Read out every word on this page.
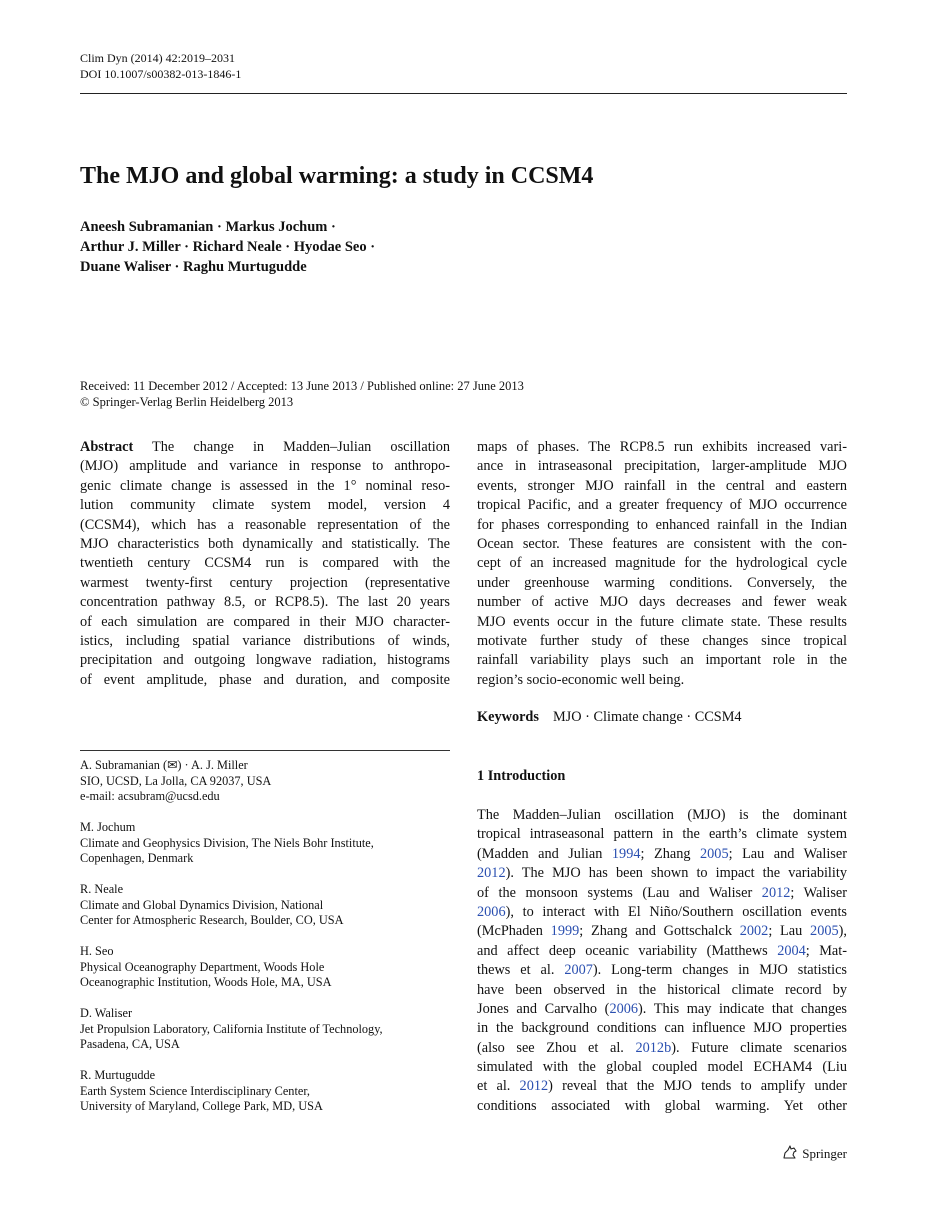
Clim Dyn (2014) 42:2019–2031
DOI 10.1007/s00382-013-1846-1
The MJO and global warming: a study in CCSM4
Aneesh Subramanian · Markus Jochum ·
Arthur J. Miller · Richard Neale · Hyodae Seo ·
Duane Waliser · Raghu Murtugudde
Received: 11 December 2012 / Accepted: 13 June 2013 / Published online: 27 June 2013
© Springer-Verlag Berlin Heidelberg 2013
Abstract The change in Madden–Julian oscillation
(MJO) amplitude and variance in response to anthropo-
genic climate change is assessed in the 1° nominal reso-
lution community climate system model, version 4
(CCSM4), which has a reasonable representation of the
MJO characteristics both dynamically and statistically. The
twentieth century CCSM4 run is compared with the
warmest twenty-first century projection (representative
concentration pathway 8.5, or RCP8.5). The last 20 years
of each simulation are compared in their MJO character-
istics, including spatial variance distributions of winds,
precipitation and outgoing longwave radiation, histograms
of event amplitude, phase and duration, and composite
maps of phases. The RCP8.5 run exhibits increased vari-
ance in intraseasonal precipitation, larger-amplitude MJO
events, stronger MJO rainfall in the central and eastern
tropical Pacific, and a greater frequency of MJO occurrence
for phases corresponding to enhanced rainfall in the Indian
Ocean sector. These features are consistent with the con-
cept of an increased magnitude for the hydrological cycle
under greenhouse warming conditions. Conversely, the
number of active MJO days decreases and fewer weak
MJO events occur in the future climate state. These results
motivate further study of these changes since tropical
rainfall variability plays such an important role in the
region’s socio-economic well being.
Keywords MJO · Climate change · CCSM4
A. Subramanian (✉) · A. J. Miller
SIO, UCSD, La Jolla, CA 92037, USA
e-mail: acsubram@ucsd.edu
M. Jochum
Climate and Geophysics Division, The Niels Bohr Institute,
Copenhagen, Denmark
R. Neale
Climate and Global Dynamics Division, National
Center for Atmospheric Research, Boulder, CO, USA
H. Seo
Physical Oceanography Department, Woods Hole
Oceanographic Institution, Woods Hole, MA, USA
D. Waliser
Jet Propulsion Laboratory, California Institute of Technology,
Pasadena, CA, USA
R. Murtugudde
Earth System Science Interdisciplinary Center,
University of Maryland, College Park, MD, USA
1 Introduction
The Madden–Julian oscillation (MJO) is the dominant
tropical intraseasonal pattern in the earth’s climate system
(Madden and Julian 1994; Zhang 2005; Lau and Waliser
2012). The MJO has been shown to impact the variability
of the monsoon systems (Lau and Waliser 2012; Waliser
2006), to interact with El Niño/Southern oscillation events
(McPhaden 1999; Zhang and Gottschalck 2002; Lau 2005),
and affect deep oceanic variability (Matthews 2004; Mat-
thews et al. 2007). Long-term changes in MJO statistics
have been observed in the historical climate record by
Jones and Carvalho (2006). This may indicate that changes
in the background conditions can influence MJO properties
(also see Zhou et al. 2012b). Future climate scenarios
simulated with the global coupled model ECHAM4 (Liu
et al. 2012) reveal that the MJO tends to amplify under
conditions associated with global warming. Yet other
Springer
